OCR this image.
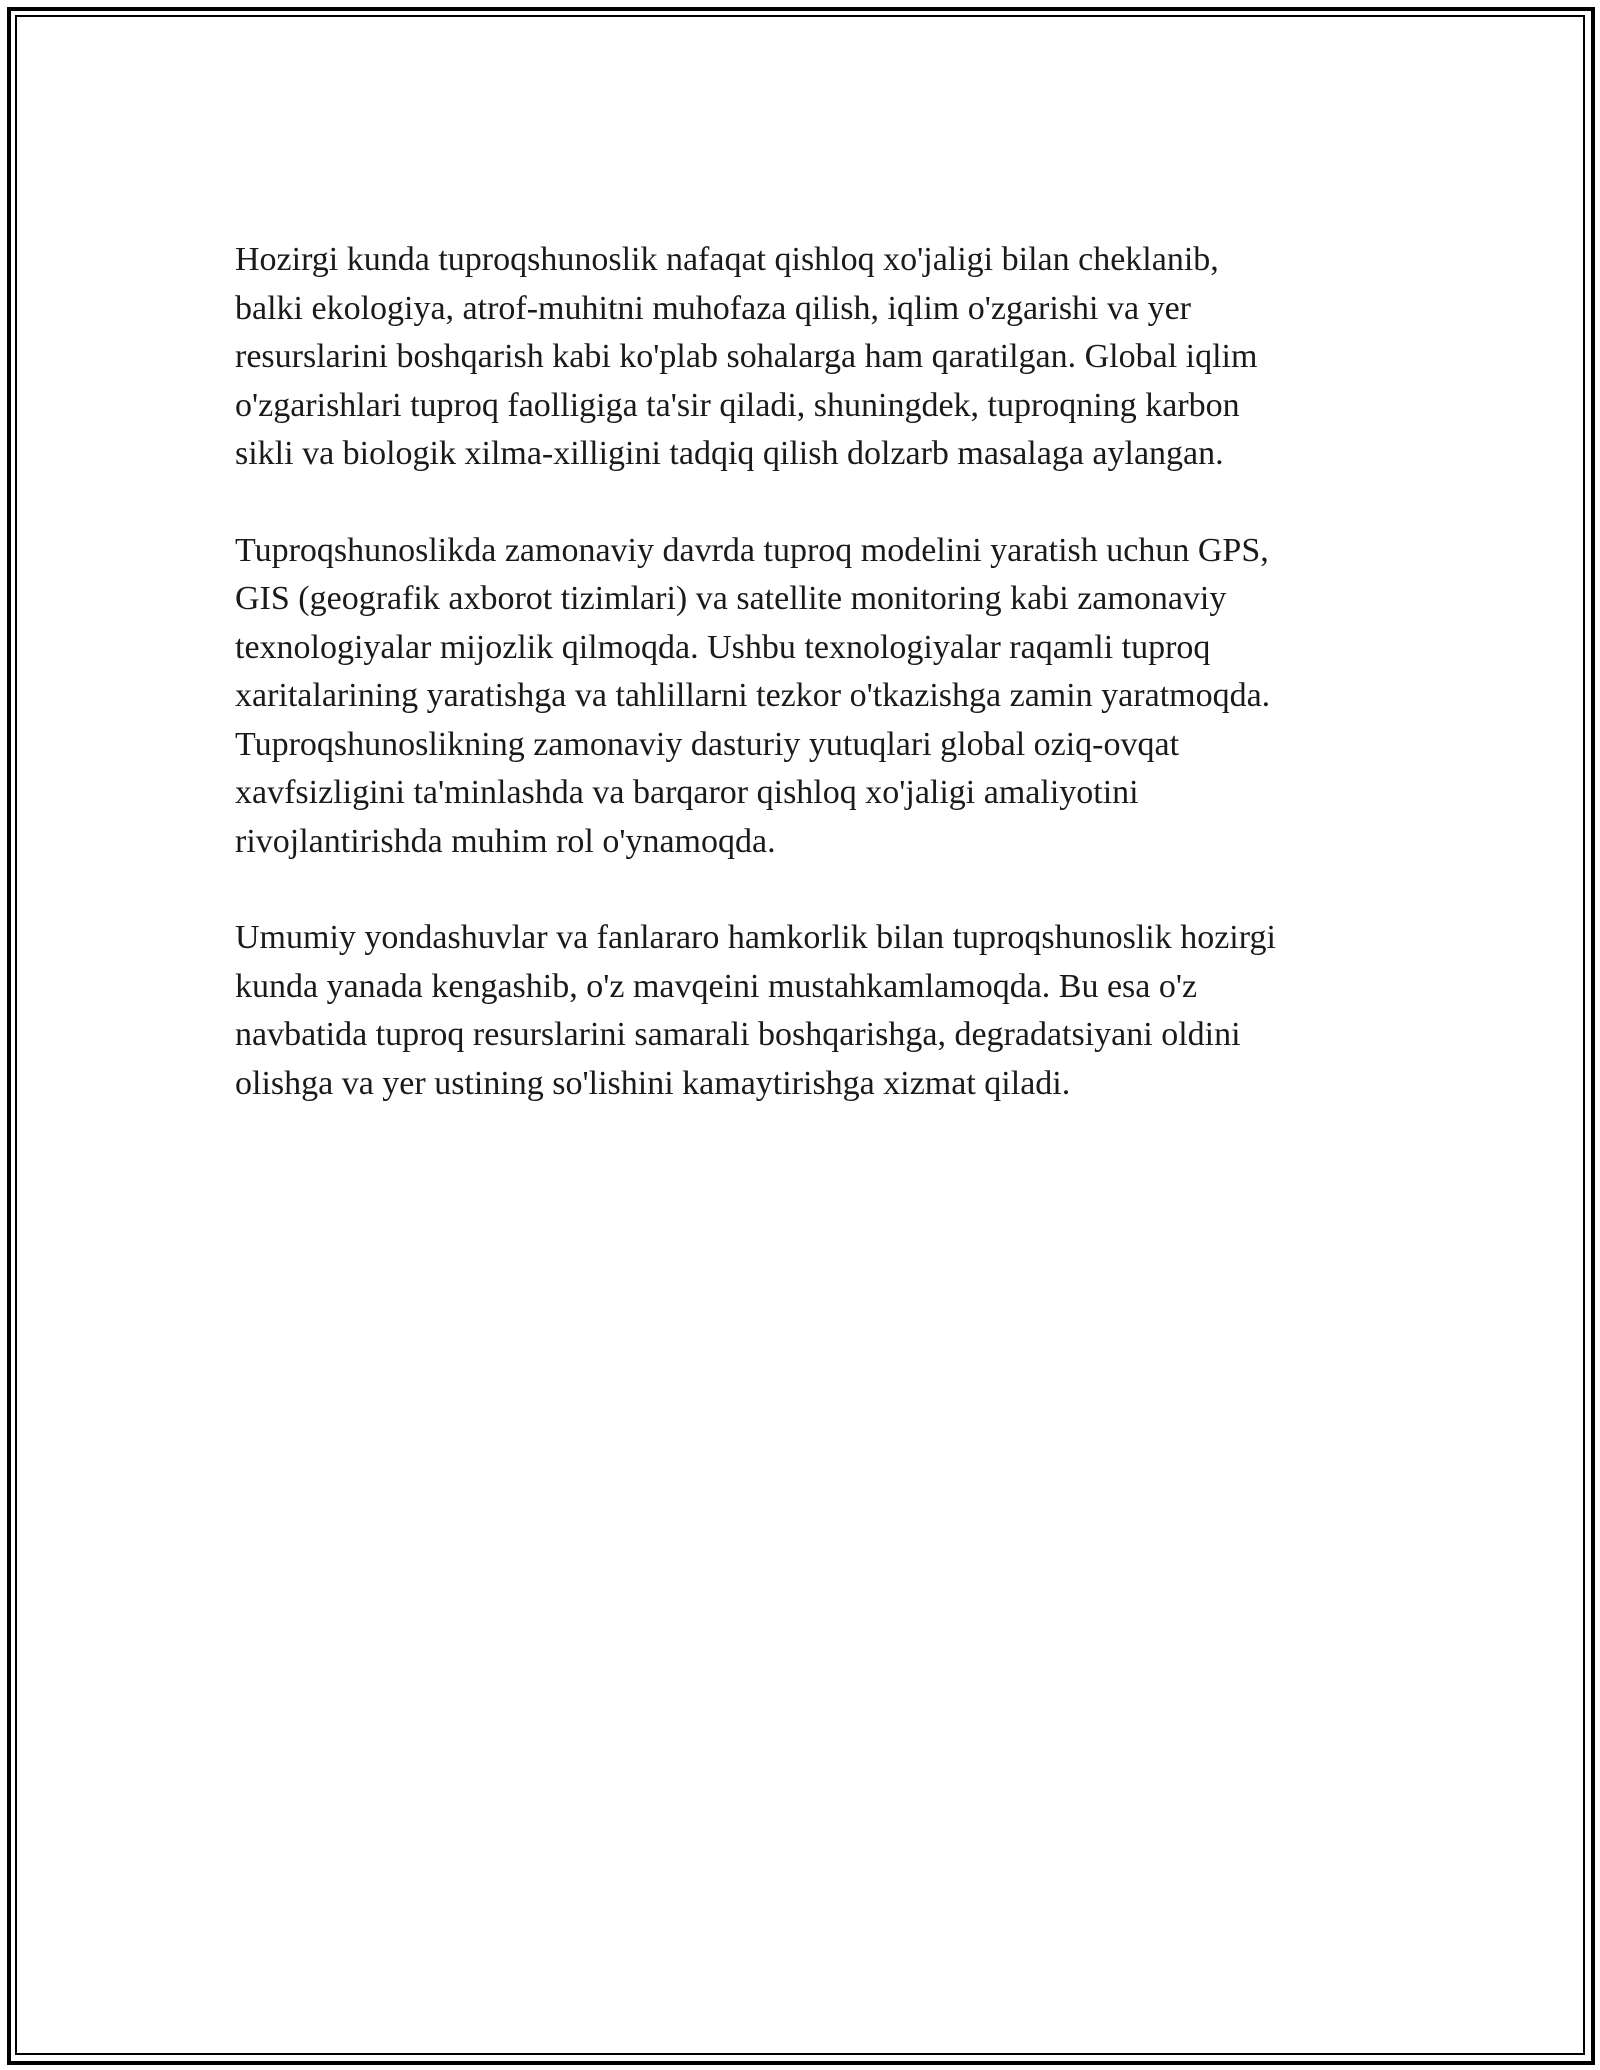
Hozirgi kunda tuproqshunoslik nafaqat qishloq xo'jaligi bilan cheklanib,
balki ekologiya, atrof-muhitni muhofaza qilish, iqlim o'zgarishi va yer
resurslarini boshqarish kabi ko'plab sohalarga ham qaratilgan. Global iqlim
o'zgarishlari tuproq faolligiga ta'sir qiladi, shuningdek, tuproqning karbon
sikli va biologik xilma-xilligini tadqiq qilish dolzarb masalaga aylangan.

Tuproqshunoslikda zamonaviy davrda tuproq modelini yaratish uchun GPS,
GIS (geografik axborot tizimlari) va satellite monitoring kabi zamonaviy
texnologiyalar mijozlik qilmoqda. Ushbu texnologiyalar raqamli tuproq
xaritalarining yaratishga va tahlillarni tezkor o'tkazishga zamin yaratmoqda.
Tuproqshunoslikning zamonaviy dasturiy yutuqlari global oziq-ovqat
xavfsizligini ta'minlashda va barqaror qishloq xo'jaligi amaliyotini
rivojlantirishda muhim rol o'ynamoqda.

Umumiy yondashuvlar va fanlararo hamkorlik bilan tuproqshunoslik hozirgi
kunda yanada kengashib, o'z mavqeini mustahkamlamoqda. Bu esa o'z
navbatida tuproq resurslarini samarali boshqarishga, degradatsiyani oldini
olishga va yer ustining so'lishini kamaytirishga xizmat qiladi.
